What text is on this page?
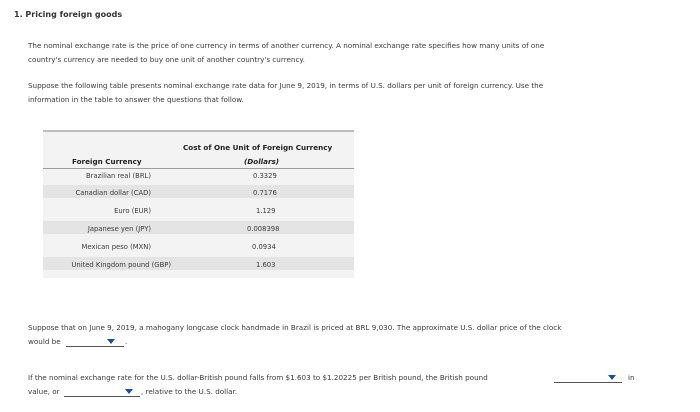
1. Pricing foreign goods
The nominal exchange rate is the price of one currency in terms of another currency. A nominal exchange rate specifies how many units of one
country's currency are needed to buy one unit of another country's currency.
Suppose the following table presents nominal exchange rate data for June 9, 2019, in terms of U.S. dollars per unit of foreign currency. Use the
information in the table to answer the questions that follow.
Cost of One Unit of Foreign Currency
Foreign Currency	(Dollars)
Brazilian real (BRL)	0.3329
Canadian dollar (CAD)	0.7176
Euro (EUR)	1.129
Japanese yen (JPY)	0.008398
Mexican peso (MXN)	0.0934
United Kingdom pound (GBP)	1.603
Suppose that on June 9, 2019, a mahogany longcase clock handmade in Brazil is priced at BRL 9,030. The approximate U.S. dollar price of the clock
would be	.
If the nominal exchange rate for the U.S. dollar-British pound falls from $1.603 to $1.20225 per British pound, the British pound	in
value, or	, relative to the U.S. dollar.
